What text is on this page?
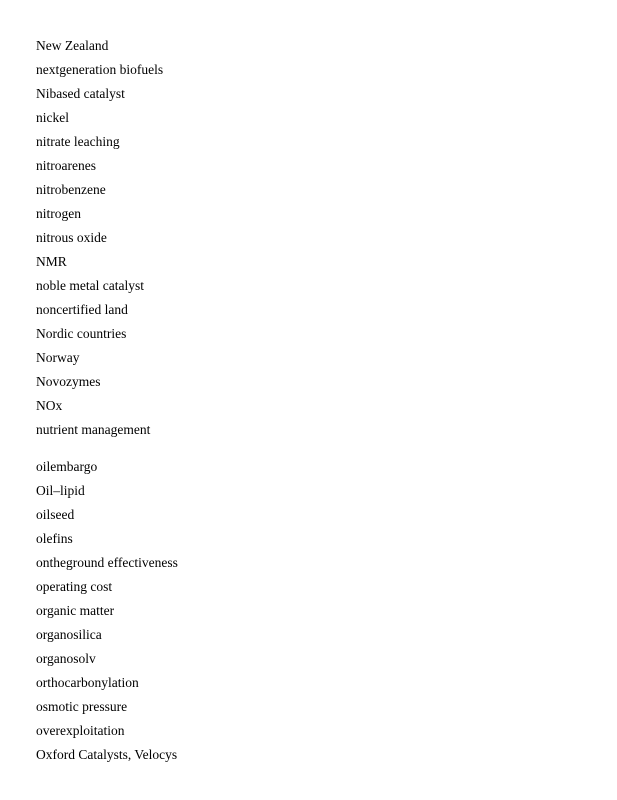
New Zealand
nextgeneration biofuels
Nibased catalyst
nickel
nitrate leaching
nitroarenes
nitrobenzene
nitrogen
nitrous oxide
NMR
noble metal catalyst
noncertified land
Nordic countries
Norway
Novozymes
NOx
nutrient management
oilembargo
Oil–lipid
oilseed
olefins
ontheground effectiveness
operating cost
organic matter
organosilica
organosolv
orthocarbonylation
osmotic pressure
overexploitation
Oxford Catalysts, Velocys
